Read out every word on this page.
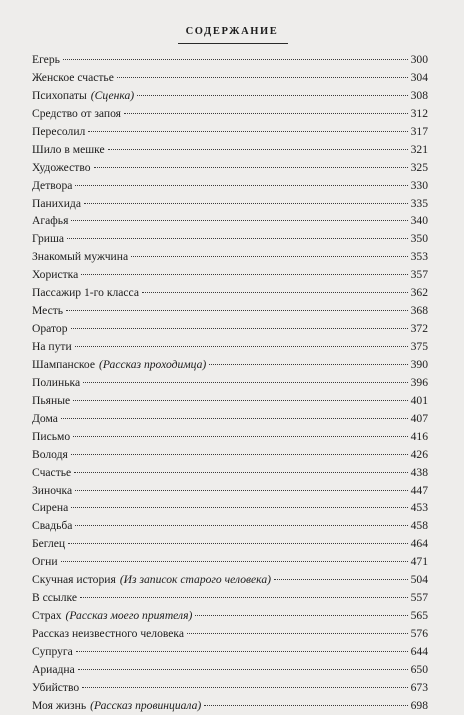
СОДЕРЖАНИЕ
Егерь	300
Женское счастье	304
Психопаты (Сценка)	308
Средство от запоя	312
Пересолил	317
Шило в мешке	321
Художество	325
Детвора	330
Панихида	335
Агафья	340
Гриша	350
Знакомый мужчина	353
Хористка	357
Пассажир 1-го класса	362
Месть	368
Оратор	372
На пути	375
Шампанское (Рассказ проходимца)	390
Полинька	396
Пьяные	401
Дома	407
Письмо	416
Володя	426
Счастье	438
Зиночка	447
Сирена	453
Свадьба	458
Беглец	464
Огни	471
Скучная история (Из записок старого человека)	504
В ссылке	557
Страх (Рассказ моего приятеля)	565
Рассказ неизвестного человека	576
Супруга	644
Ариадна	650
Убийство	673
Моя жизнь (Рассказ провинциала)	698
